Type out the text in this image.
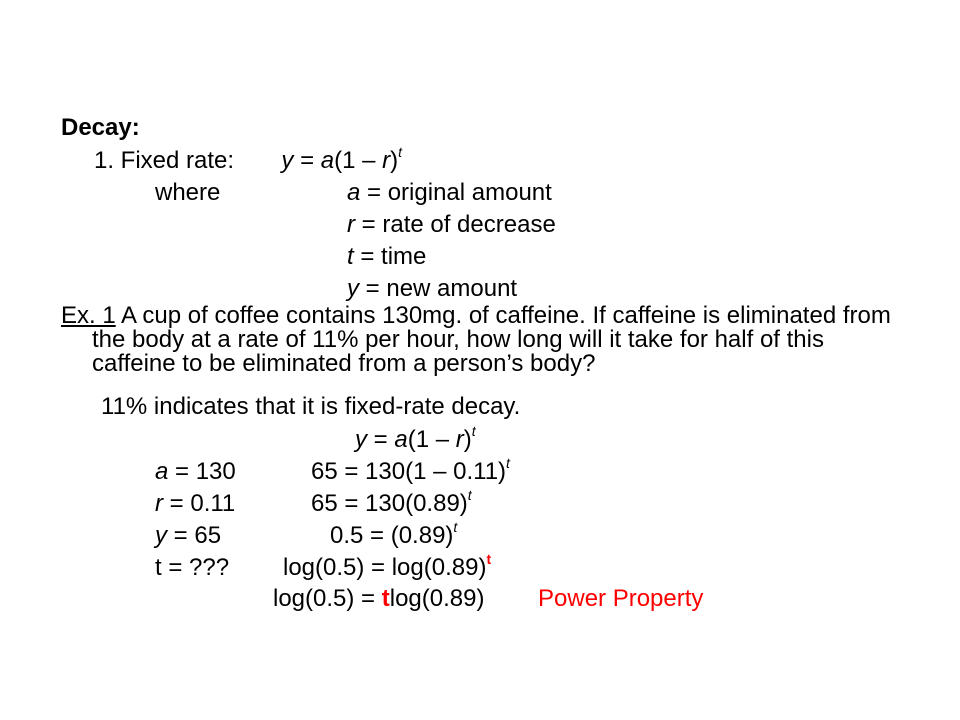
Decay:
1. Fixed rate: y = a(1 – r)$^t$
where	a = original amount
r = rate of decrease
t = time
y = new amount
Ex. 1 A cup of coffee contains 130mg. of caffeine. If caffeine is eliminated from the body at a rate of 11% per hour, how long will it take for half of this caffeine to be eliminated from a person’s body?
11% indicates that it is fixed-rate decay.
y = a(1 – r)$^t$
a = 130	65 = 130(1 – 0.11)$^t$
r = 0.11	$65 = 130(0.89)^t$
y = 65	$0.5 = (0.89)^t$
t = ??? $\log(0.5) = \log(0.89)^t$
log(0.5) = tlog(0.89) Power Property
